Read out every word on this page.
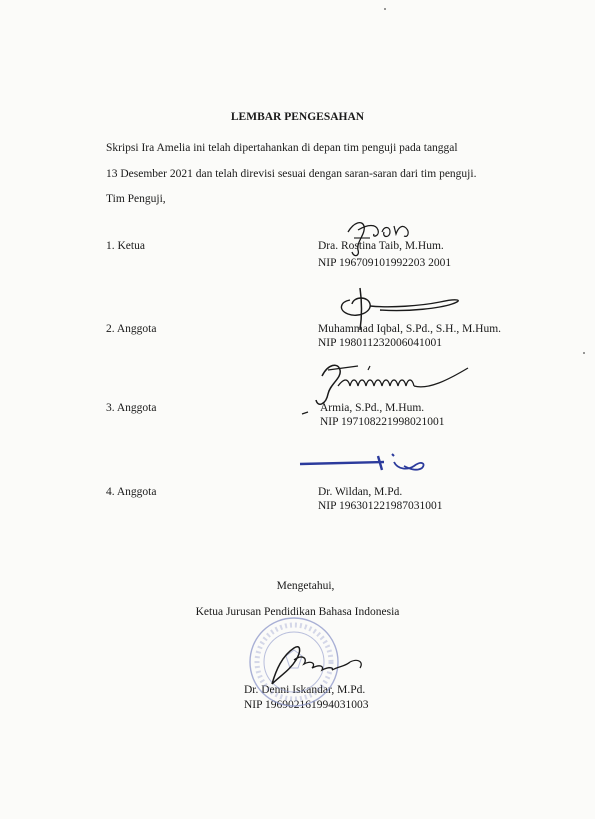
LEMBAR PENGESAHAN
Skripsi Ira Amelia ini telah dipertahankan di depan tim penguji pada tanggal
13 Desember 2021 dan telah direvisi sesuai dengan saran-saran dari tim penguji.
Tim Penguji,
1. Ketua	Dra. Rostina Taib, M.Hum.
NIP 196709101992203 2001
2. Anggota	Muhammad Iqbal, S.Pd., S.H., M.Hum.
NIP 198011232006041001
3. Anggota	Armia, S.Pd., M.Hum.
NIP 197108221998021001
4. Anggota	Dr. Wildan, M.Pd.
NIP 196301221987031001
Mengetahui,
Ketua Jurusan Pendidikan Bahasa Indonesia
Dr. Denni Iskandar, M.Pd.
NIP 196902161994031003
